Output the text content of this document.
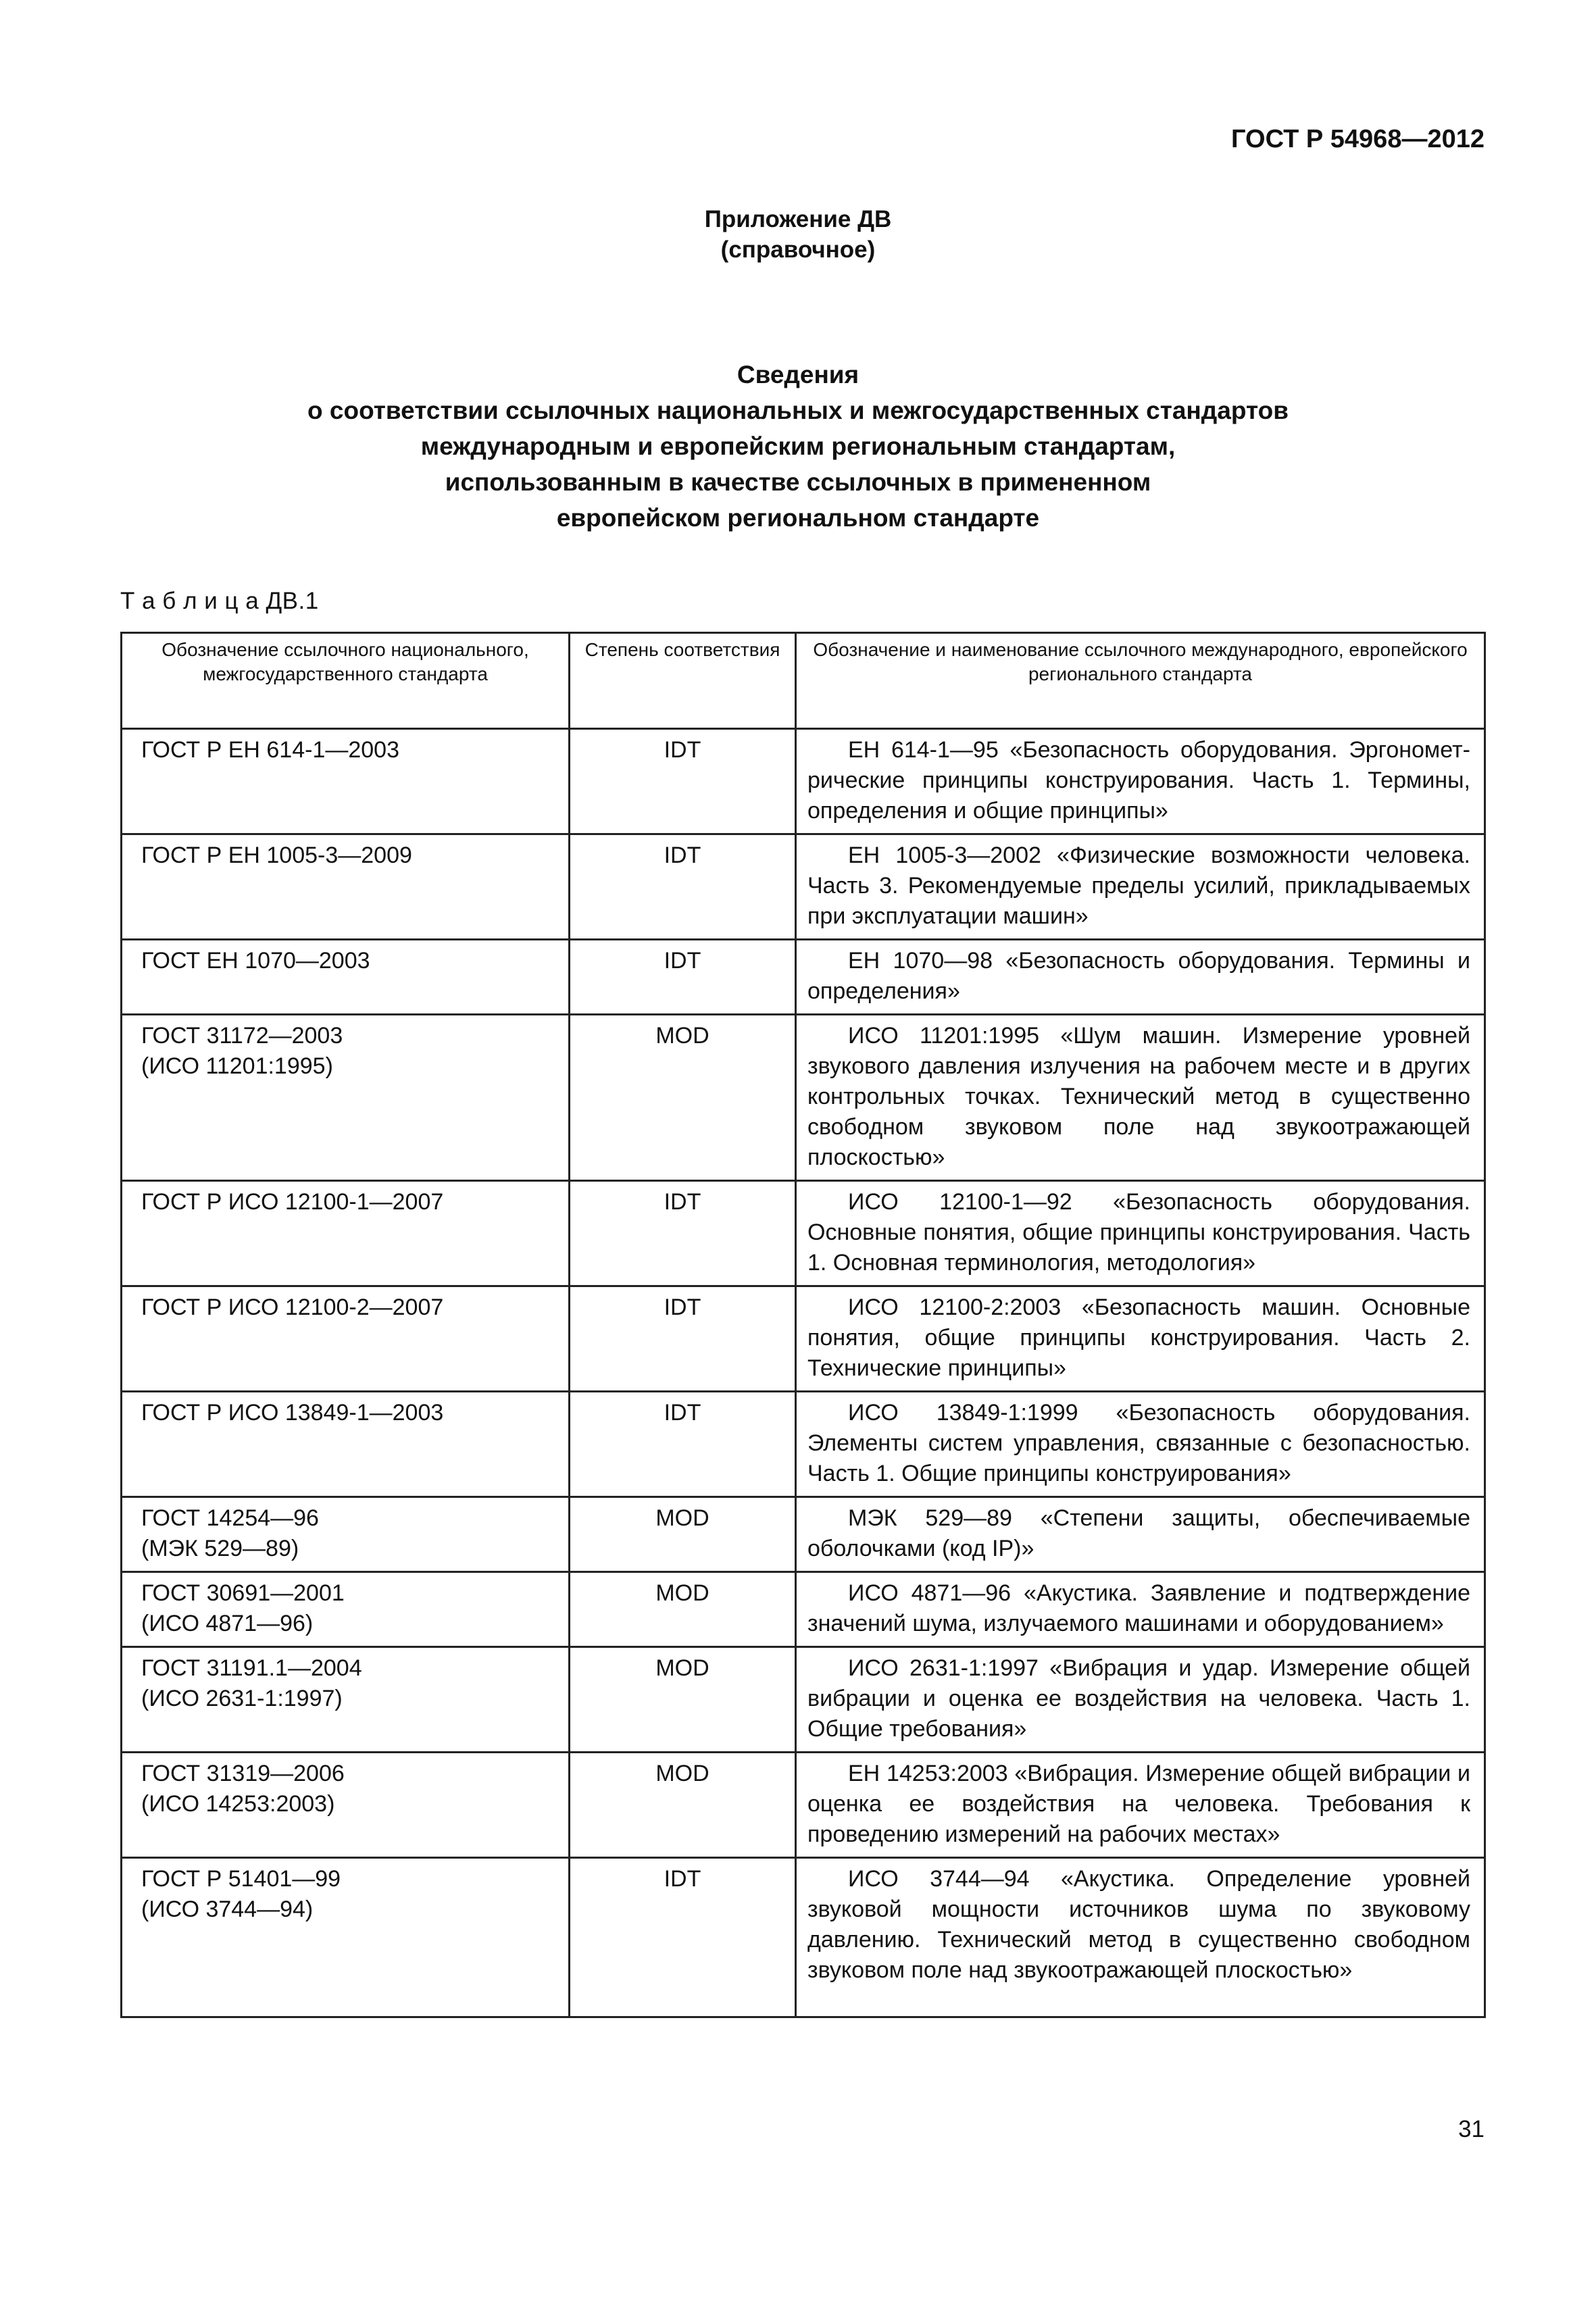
ГОСТ Р 54968—2012
Приложение ДВ
(справочное)
Сведения
о соответствии ссылочных национальных и межгосударственных стандартов
международным и европейским региональным стандартам,
использованным в качестве ссылочных в примененном
европейском региональном стандарте
Т а б л и ц а ДВ.1
Обозначение ссылочного национального, межгосударственного стандарта	Степень соответствия	Обозначение и наименование ссылочного международного, европейского регионального стандарта

ГОСТ Р ЕН 614-1—2003	IDT	ЕН 614-1—95 «Безопасность оборудования. Эргонометрические принципы конструирования. Часть 1. Термины, определения и общие принципы»

ГОСТ Р ЕН 1005-3—2009	IDT	ЕН 1005-3—2002 «Физические возможности человека. Часть 3. Рекомендуемые пределы усилий, прикладываемых при эксплуатации машин»

ГОСТ ЕН 1070—2003	IDT	ЕН 1070—98 «Безопасность оборудования. Термины и определения»

ГОСТ 31172—2003
(ИСО 11201:1995)	MOD	ИСО 11201:1995 «Шум машин. Измерение уровней звукового давления излучения на рабочем месте и в других контрольных точках. Технический метод в существенно свободном звуковом поле над звукоотражающей плоскостью»

ГОСТ Р ИСО 12100-1—2007	IDT	ИСО 12100-1—92 «Безопасность оборудования. Основные понятия, общие принципы конструирования. Часть 1. Основная терминология, методология»

ГОСТ Р ИСО 12100-2—2007	IDT	ИСО 12100-2:2003 «Безопасность машин. Основные понятия, общие принципы конструирования. Часть 2. Технические принципы»

ГОСТ Р ИСО 13849-1—2003	IDT	ИСО 13849-1:1999 «Безопасность оборудования. Элементы систем управления, связанные с безопасностью. Часть 1. Общие принципы конструирования»

ГОСТ 14254—96
(МЭК 529—89)	MOD	МЭК 529—89 «Степени защиты, обеспечиваемые оболочками (код IP)»

ГОСТ 30691—2001
(ИСО 4871—96)	MOD	ИСО 4871—96 «Акустика. Заявление и подтверждение значений шума, излучаемого машинами и оборудованием»

ГОСТ 31191.1—2004
(ИСО 2631-1:1997)	MOD	ИСО 2631-1:1997 «Вибрация и удар. Измерение общей вибрации и оценка ее воздействия на человека. Часть 1. Общие требования»

ГОСТ 31319—2006
(ИСО 14253:2003)	MOD	ЕН 14253:2003 «Вибрация. Измерение общей вибрации и оценка ее воздействия на человека. Требования к проведению измерений на рабочих местах»

ГОСТ Р 51401—99
(ИСО 3744—94)	IDT	ИСО 3744—94 «Акустика. Определение уровней звуковой мощности источников шума по звуковому давлению. Технический метод в существенно свободном звуковом поле над звукоотражающей плоскостью»
31
